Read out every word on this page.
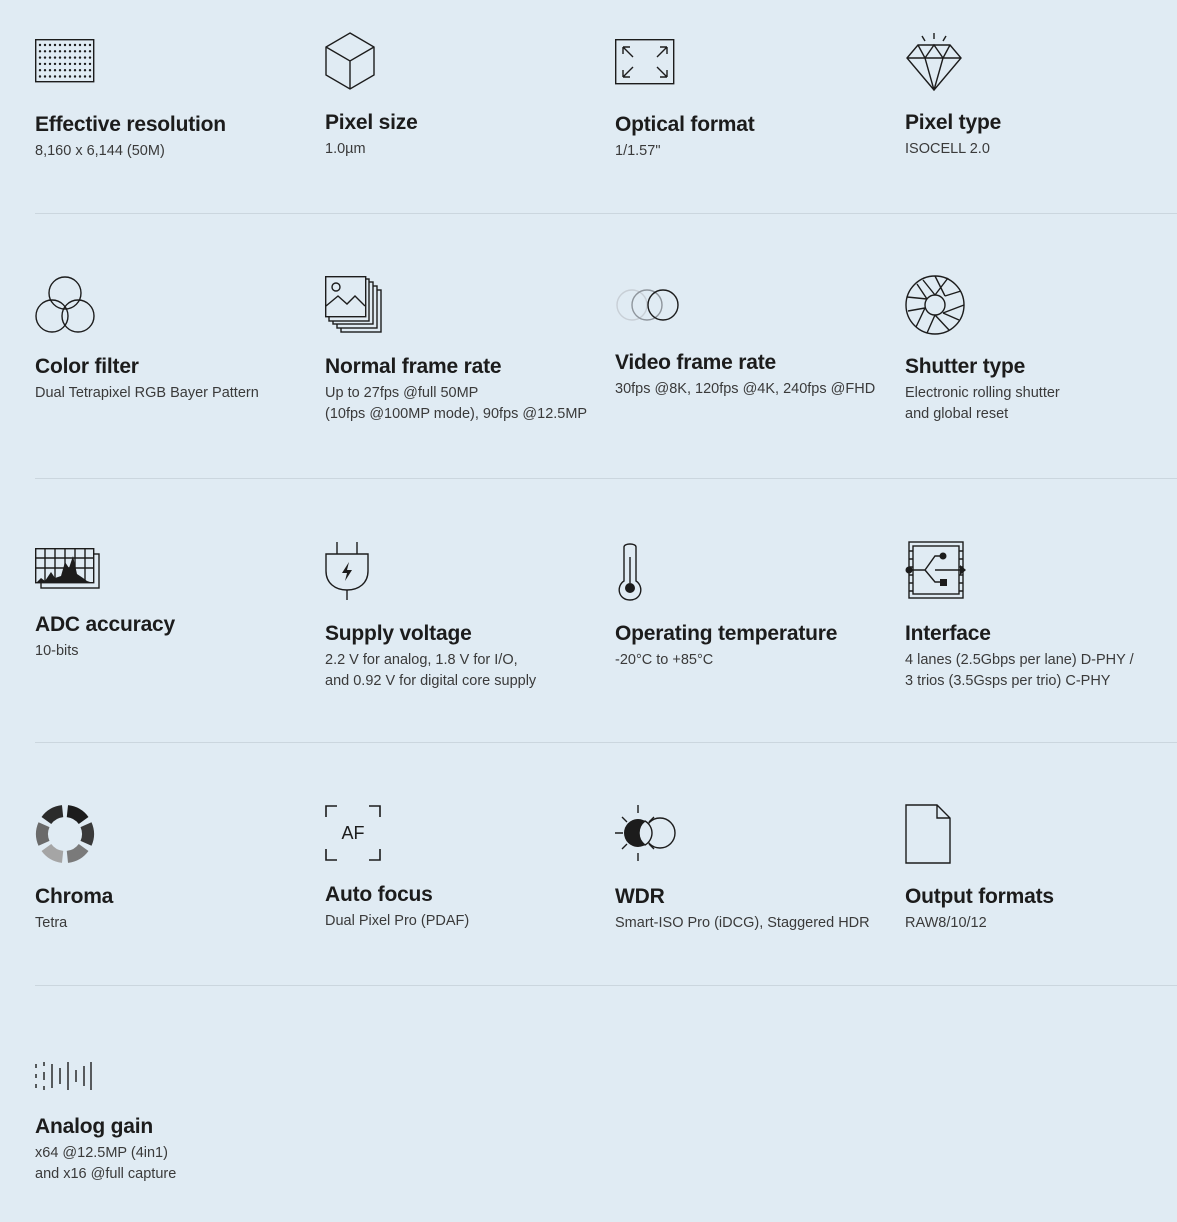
Effective resolution
8,160 x 6,144 (50M)
Pixel size
1.0µm
Optical format
1/1.57"
Pixel type
ISOCELL 2.0
Color filter
Dual Tetrapixel RGB Bayer Pattern
Normal frame rate
Up to 27fps @full 50MP
(10fps @100MP mode), 90fps @12.5MP
Video frame rate
30fps @8K, 120fps @4K, 240fps @FHD
Shutter type
Electronic rolling shutter
and global reset
ADC accuracy
10-bits
Supply voltage
2.2 V for analog, 1.8 V for I/O,
and 0.92 V for digital core supply
Operating temperature
-20°C to +85°C
Interface
4 lanes (2.5Gbps per lane) D-PHY /
3 trios (3.5Gsps per trio) C-PHY
Chroma
Tetra
AF
Auto focus
Dual Pixel Pro (PDAF)
WDR
Smart-ISO Pro (iDCG), Staggered HDR
Output formats
RAW8/10/12
Analog gain
x64 @12.5MP (4in1)
and x16 @full capture
